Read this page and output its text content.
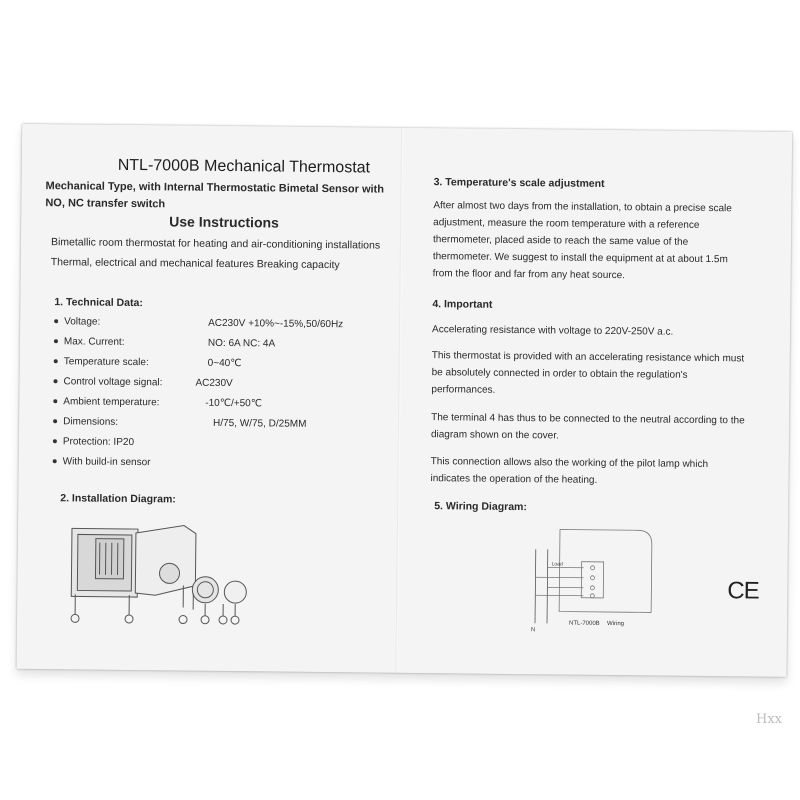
NTL-7000B Mechanical Thermostat
Mechanical Type, with Internal Thermostatic Bimetal Sensor with
NO, NC transfer switch
Use Instructions
Bimetallic room thermostat for heating and air-conditioning installations
Thermal, electrical and mechanical features Breaking capacity
1. Technical Data:
Voltage:	AC230V +10%~-15%,50/60Hz
Max. Current:	NO: 6A NC: 4A
Temperature scale:	0~40℃
Control voltage signal:	AC230V
Ambient temperature:	-10℃/+50℃
Dimensions:	H/75, W/75, D/25MM
Protection: IP20
With build-in sensor
2. Installation Diagram:
3. Temperature's scale adjustment
After almost two days from the installation, to obtain a precise scale
adjustment, measure the room temperature with a reference
thermometer, placed aside to reach the same value of the
thermometer. We suggest to install the equipment at at about 1.5m
from the floor and far from any heat source.
4. Important
Accelerating resistance with voltage to 220V-250V a.c.
This thermostat is provided with an accelerating resistance which must
be absolutely connected in order to obtain the regulation's
performances.
The terminal 4 has thus to be connected to the neutral according to the
diagram shown on the cover.
This connection allows also the working of the pilot lamp which
indicates the operation of the heating.
5. Wiring Diagram:
Load
N
NTL-7000B Wiring
CE
Hxx
